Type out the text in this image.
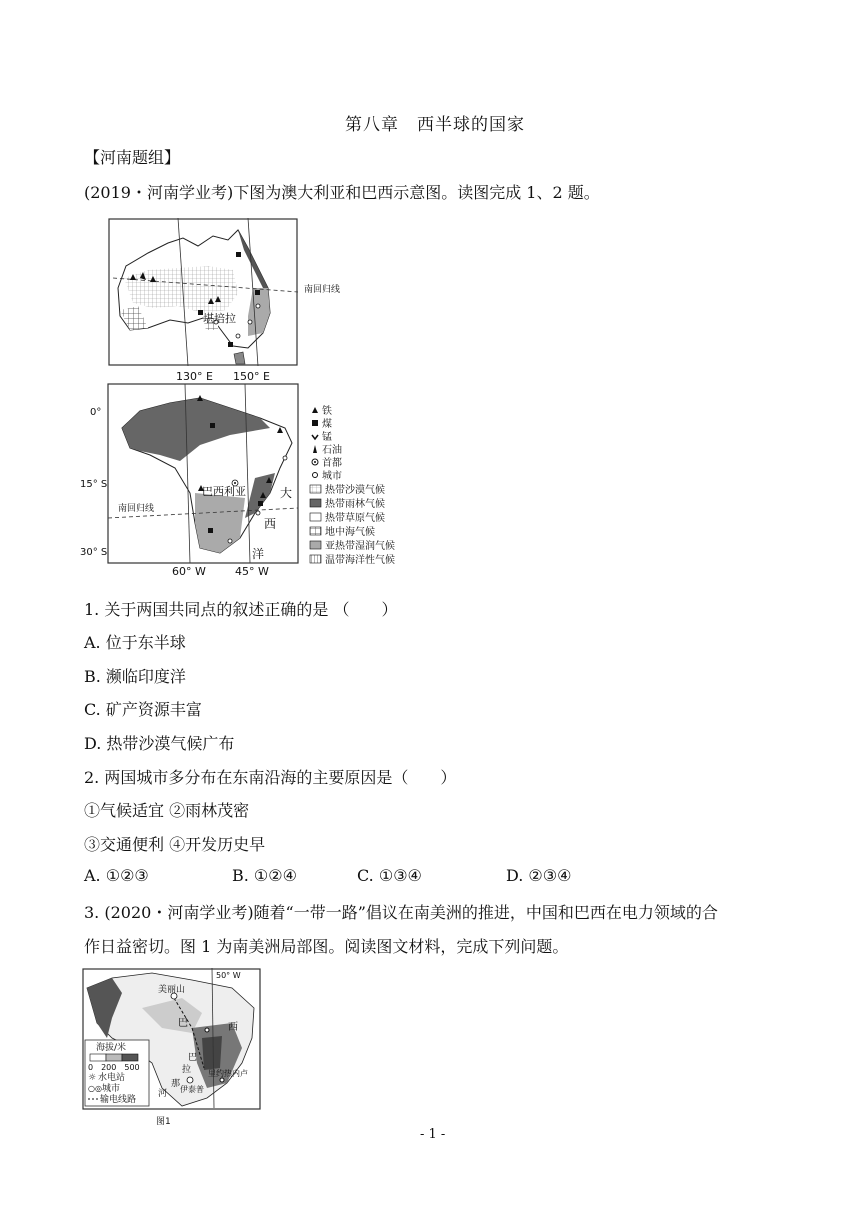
第八章　西半球的国家
【河南题组】
(2019・河南学业考)下图为澳大利亚和巴西示意图。读图完成 1、2 题。
堪培拉
南回归线
130° E 150° E
巴西利亚	大
西
洋
南回归线
0°
15° S
30° S
60° W	45° W
铁
煤
锰
石油
首都
城市
热带沙漠气候
热带雨林气候
热带草原气候
地中海气候
亚热带湿润气候
温带海洋性气候
1. 关于两国共同点的叙述正确的是 （　　）
A. 位于东半球
B. 濒临印度洋
C. 矿产资源丰富
D. 热带沙漠气候广布
2. 两国城市多分布在东南沿海的主要原因是（　　）
①气候适宜 ②雨林茂密
③交通便利 ④开发历史早
A. ①②③	B. ①②④	C. ①③④	D. ②③④
3. (2020・河南学业考)随着“一带一路”倡议在南美洲的推进，中国和巴西在电力领域的合
作日益密切。图 1 为南美洲局部图。阅读图文材料，完成下列问题。
50° W
美丽山
巴	西
巴
拉
那
河 伊泰普
里约热内卢
海拔/米
0　200　500
☼ 水电站
○◎ 城市
输电线路
图1
- 1 -
